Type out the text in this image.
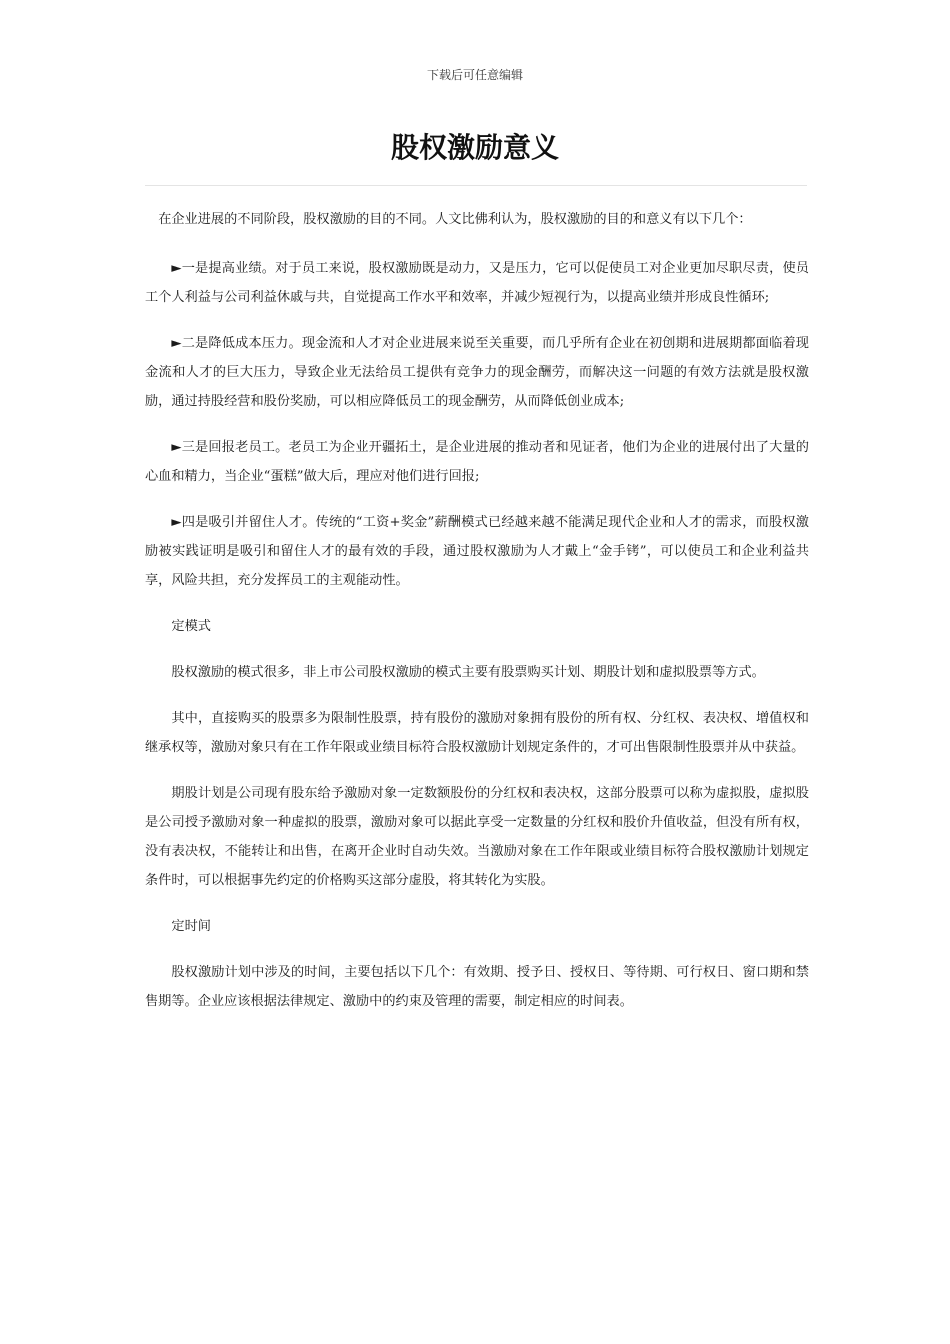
下载后可任意编辑
股权激励意义

在企业进展的不同阶段，股权激励的目的不同。人文比佛利认为，股权激励的目的和意义有以下几个：

►一是提高业绩。对于员工来说，股权激励既是动力，又是压力，它可以促使员工对企业更加尽职尽责，使员工个人利益与公司利益休戚与共，自觉提高工作水平和效率，并减少短视行为，以提高业绩并形成良性循环;

►二是降低成本压力。现金流和人才对企业进展来说至关重要，而几乎所有企业在初创期和进展期都面临着现金流和人才的巨大压力，导致企业无法给员工提供有竞争力的现金酬劳，而解决这一问题的有效方法就是股权激励，通过持股经营和股份奖励，可以相应降低员工的现金酬劳，从而降低创业成本;

►三是回报老员工。老员工为企业开疆拓土，是企业进展的推动者和见证者，他们为企业的进展付出了大量的心血和精力，当企业“蛋糕”做大后，理应对他们进行回报;

►四是吸引并留住人才。传统的“工资+奖金”薪酬模式已经越来越不能满足现代企业和人才的需求，而股权激励被实践证明是吸引和留住人才的最有效的手段，通过股权激励为人才戴上“金手铐”，可以使员工和企业利益共享，风险共担，充分发挥员工的主观能动性。

定模式

股权激励的模式很多，非上市公司股权激励的模式主要有股票购买计划、期股计划和虚拟股票等方式。

其中，直接购买的股票多为限制性股票，持有股份的激励对象拥有股份的所有权、分红权、表决权、增值权和继承权等，激励对象只有在工作年限或业绩目标符合股权激励计划规定条件的，才可出售限制性股票并从中获益。

期股计划是公司现有股东给予激励对象一定数额股份的分红权和表决权，这部分股票可以称为虚拟股，虚拟股是公司授予激励对象一种虚拟的股票，激励对象可以据此享受一定数量的分红权和股价升值收益，但没有所有权，没有表决权，不能转让和出售，在离开企业时自动失效。当激励对象在工作年限或业绩目标符合股权激励计划规定条件时，可以根据事先约定的价格购买这部分虚股，将其转化为实股。

定时间

股权激励计划中涉及的时间，主要包括以下几个：有效期、授予日、授权日、等待期、可行权日、窗口期和禁售期等。企业应该根据法律规定、激励中的约束及管理的需要，制定相应的时间表。
